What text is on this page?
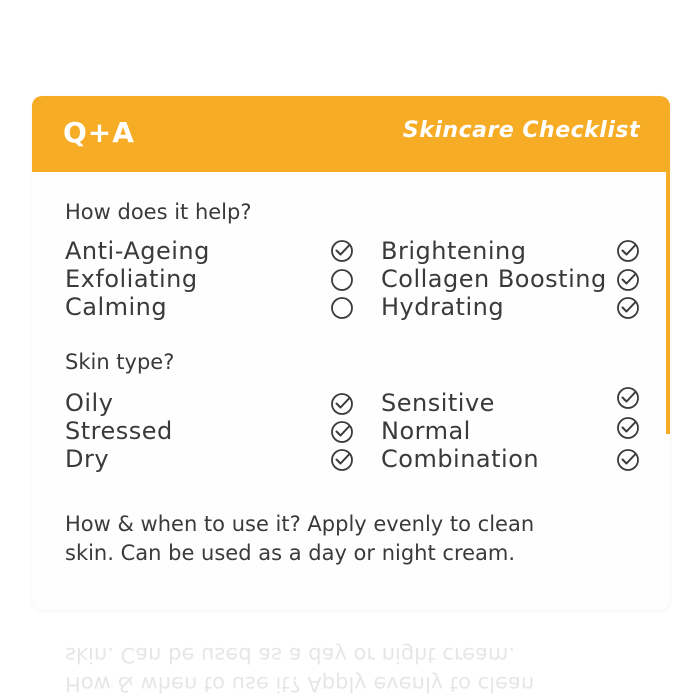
Q+A	Skincare Checklist
How does it help?
Anti-Ageing
Exfoliating
Calming
Brightening
Collagen Boosting
Hydrating
Skin type?
Oily
Stressed
Dry
Sensitive
Normal
Combination
How & when to use it? Apply evenly to clean
skin. Can be used as a day or night cream.
How & when to use it? Apply evenly to clean
skin. Can be used as a day or night cream.
